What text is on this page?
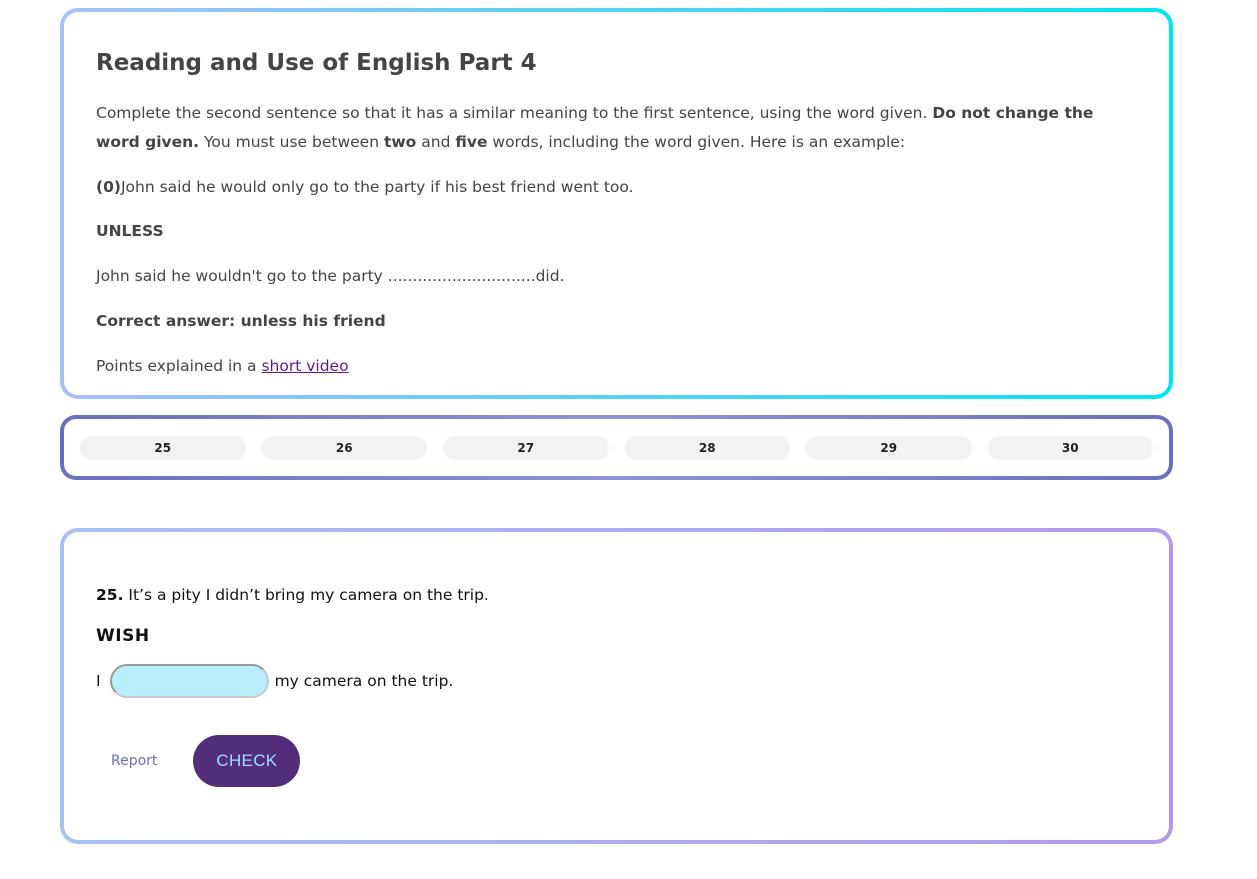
Reading and Use of English Part 4

Complete the second sentence so that it has a similar meaning to the first sentence, using the word given. Do not change the word given. You must use between two and five words, including the word given. Here is an example:

(0)John said he would only go to the party if his best friend went too.

UNLESS

John said he wouldn't go to the party ..............................did.

Correct answer: unless his friend

Points explained in a short video

25	26	27	28	29	30

25. It’s a pity I didn’t bring my camera on the trip.

WISH

I	my camera on the trip.
Report	CHECK
